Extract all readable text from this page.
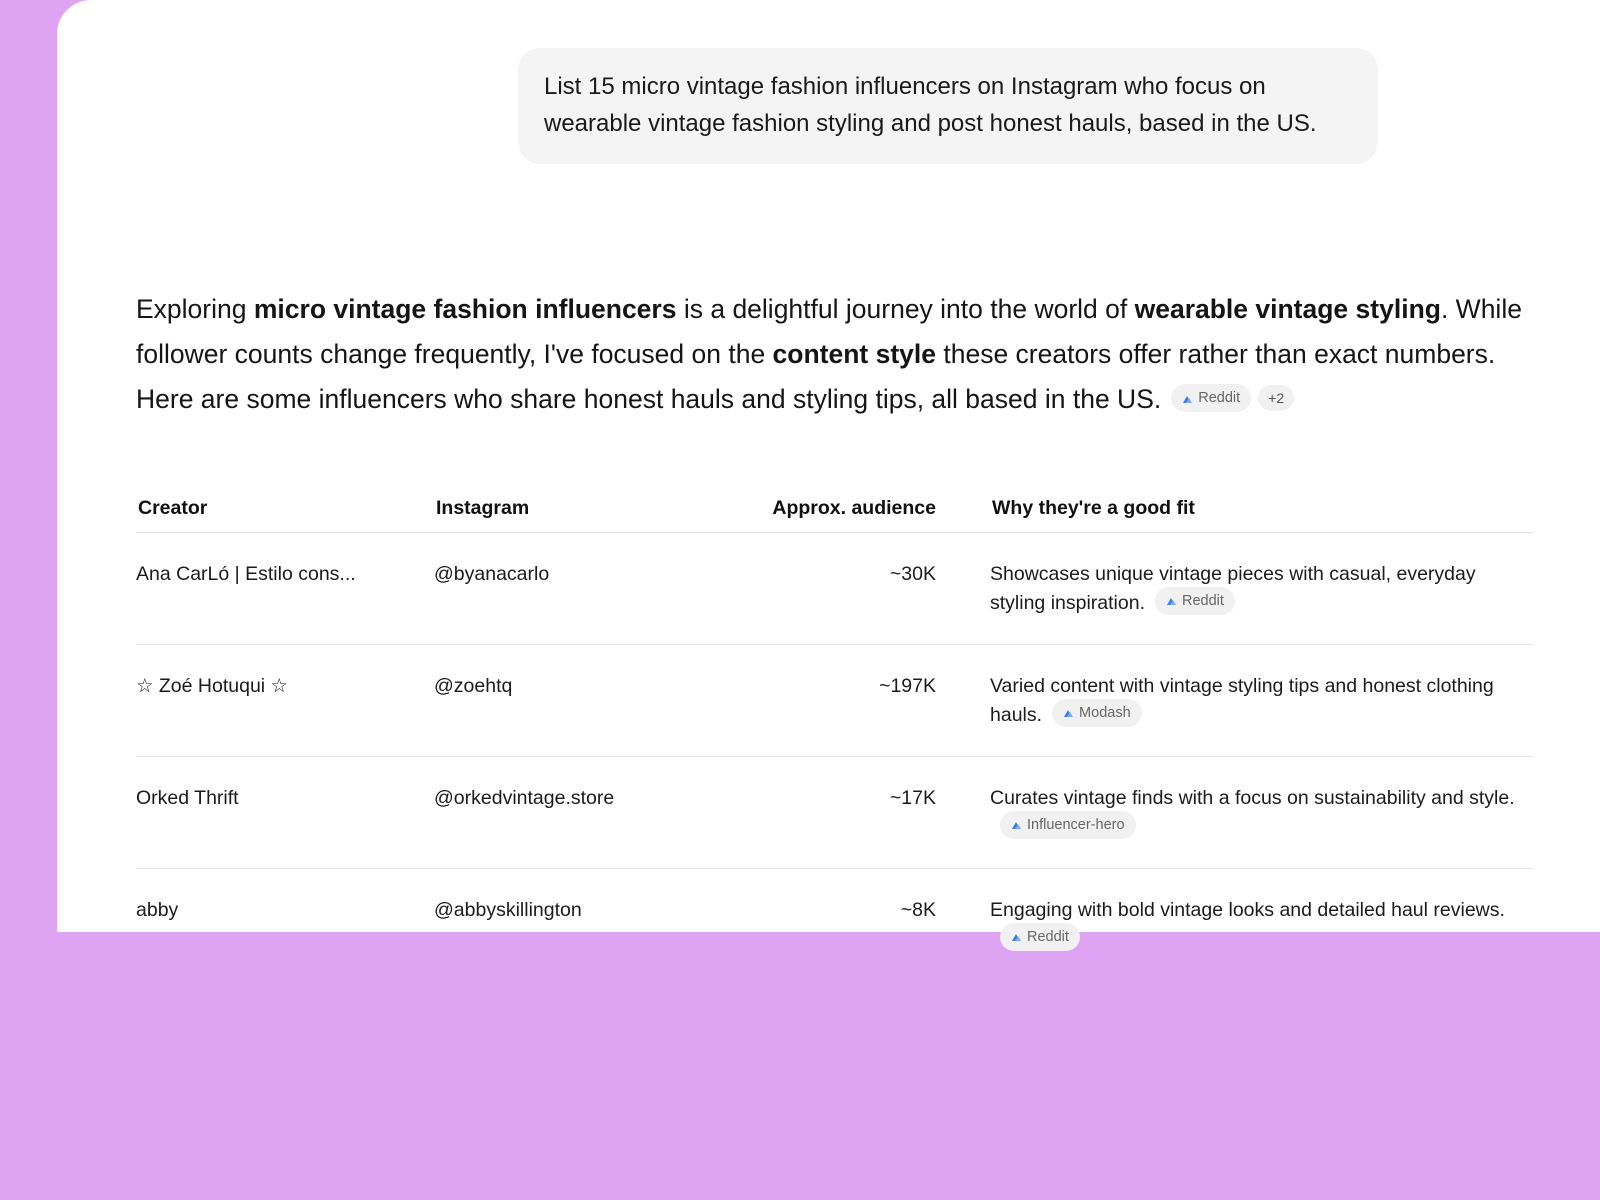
List 15 micro vintage fashion influencers on Instagram who focus on wearable vintage fashion styling and post honest hauls, based in the US.

Exploring micro vintage fashion influencers is a delightful journey into the world of wearable vintage styling. While follower counts change frequently, I've focused on the content style these creators offer rather than exact numbers. Here are some influencers who share honest hauls and styling tips, all based in the US.	Reddit +2

Creator	Instagram	Approx. audience	Why they're a good fit
Ana CarLó | Estilo cons...	@byanacarlo	~30K	Showcases unique vintage pieces with casual, everyday styling inspiration. Reddit

☆ Zoé Hotuqui ☆	@zoehtq	~197K	Varied content with vintage styling tips and honest clothing hauls. Modash

Orked Thrift	@orkedvintage.store	~17K	Curates vintage finds with a focus on sustainability and style.
Influencer-hero

abby	@abbyskillington	~8K	Engaging with bold vintage looks and detailed haul reviews.
Reddit
